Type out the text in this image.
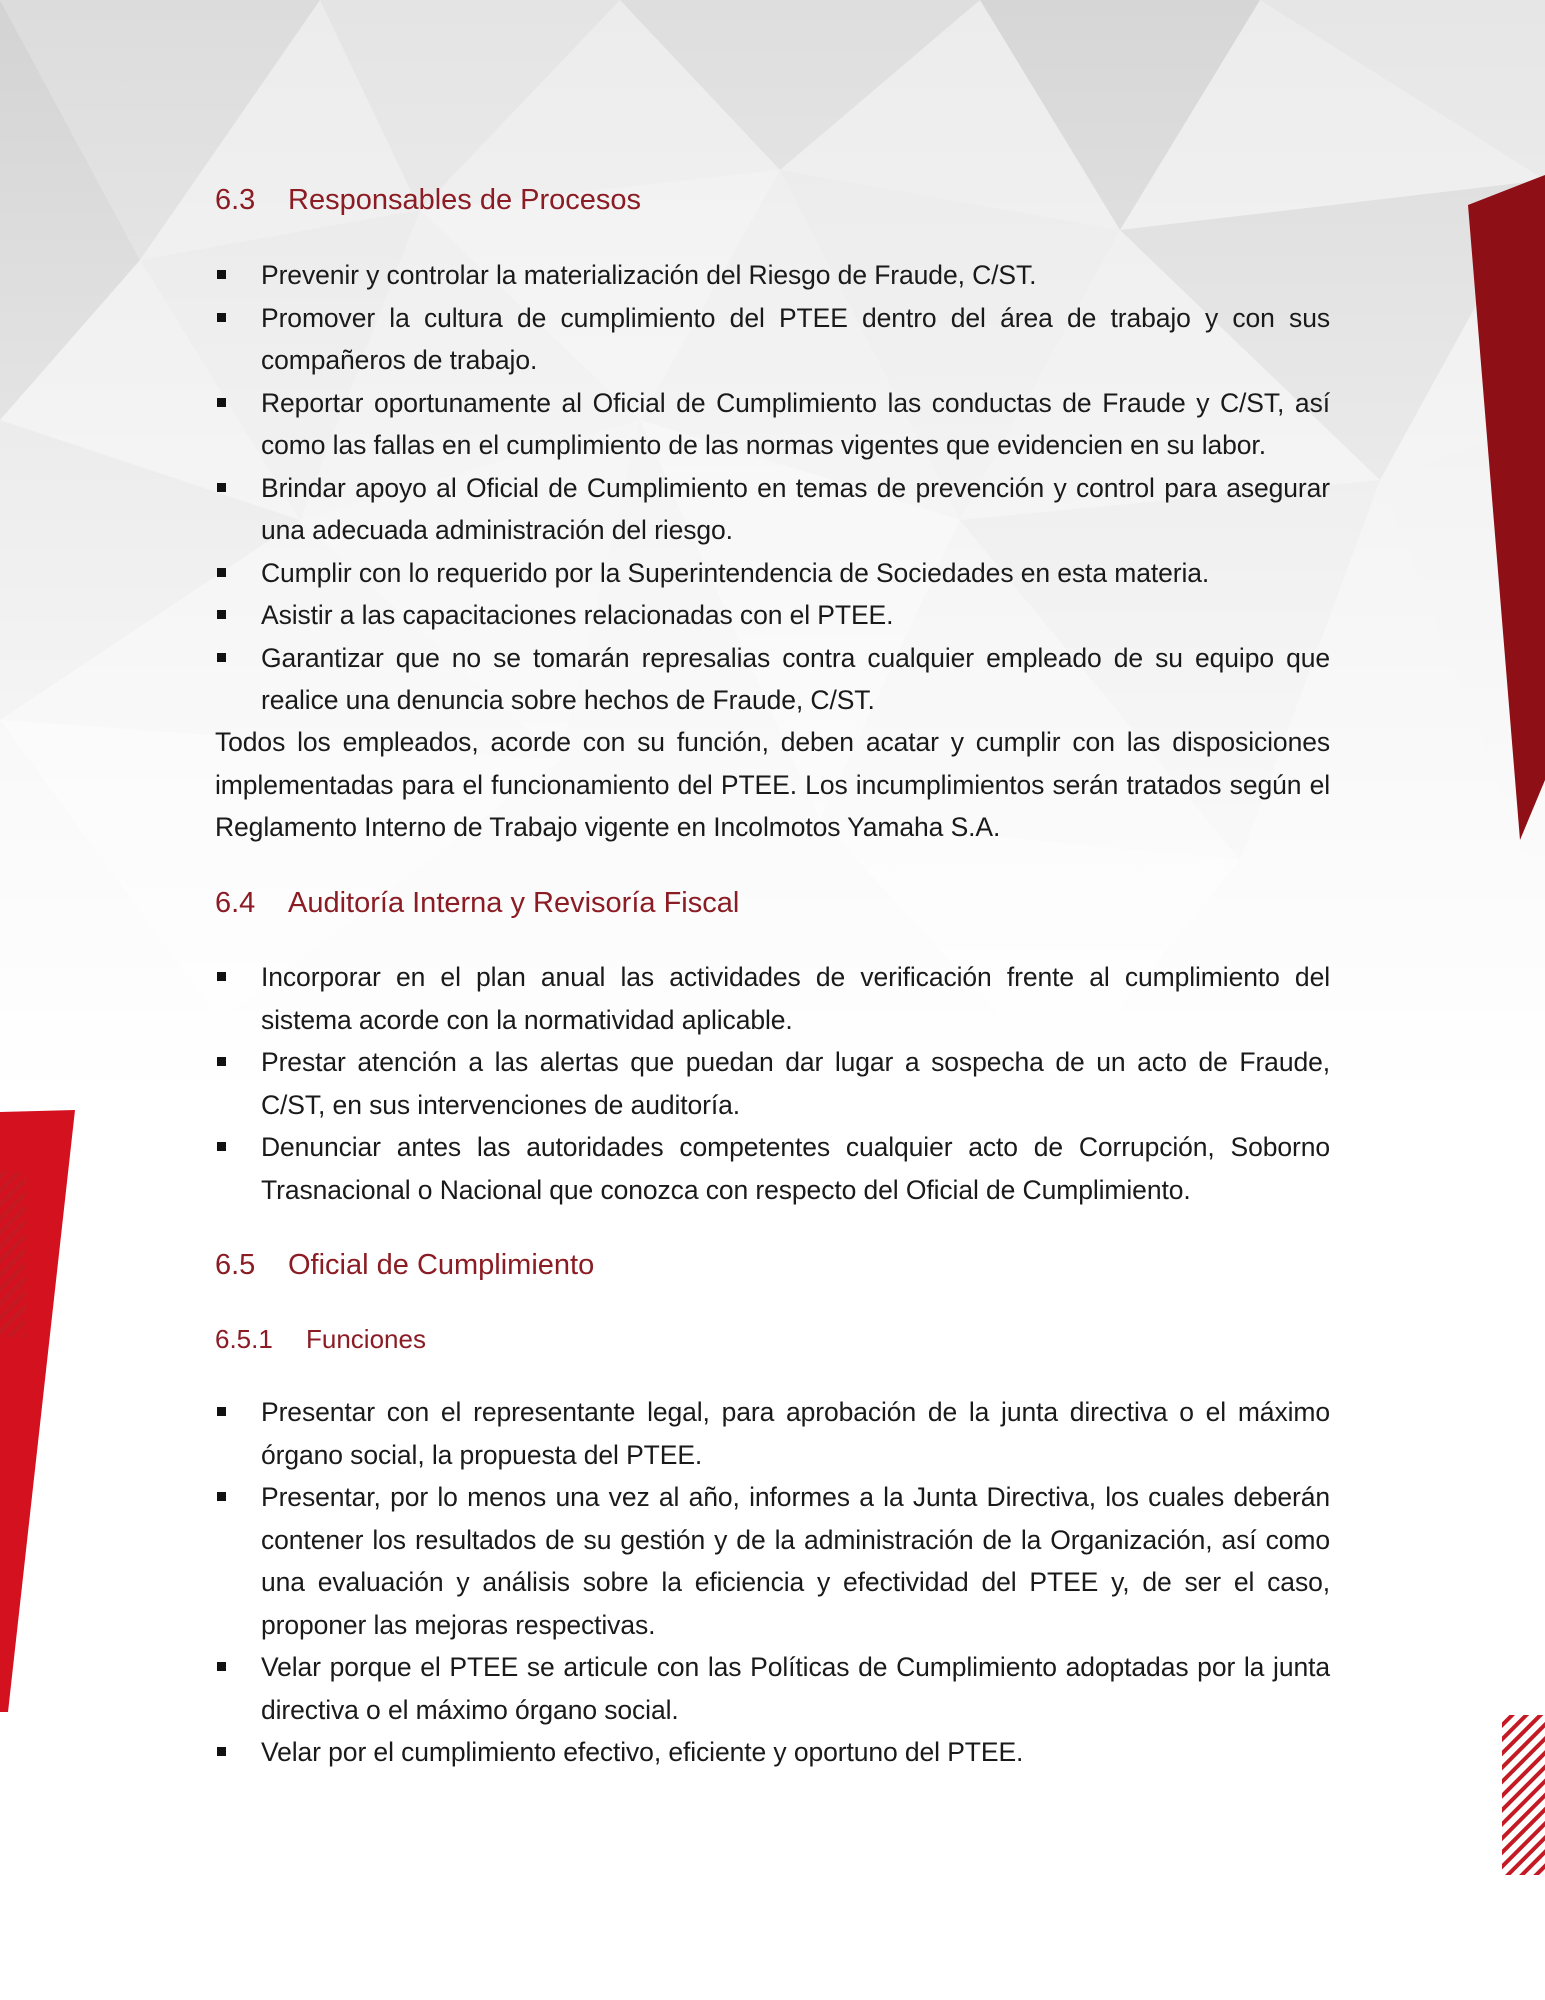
6.3 Responsables de Procesos
Prevenir y controlar la materialización del Riesgo de Fraude, C/ST.
Promover la cultura de cumplimiento del PTEE dentro del área de trabajo y con sus compañeros de trabajo.
Reportar oportunamente al Oficial de Cumplimiento las conductas de Fraude y C/ST, así como las fallas en el cumplimiento de las normas vigentes que evidencien en su labor.
Brindar apoyo al Oficial de Cumplimiento en temas de prevención y control para asegurar una adecuada administración del riesgo.
Cumplir con lo requerido por la Superintendencia de Sociedades en esta materia.
Asistir a las capacitaciones relacionadas con el PTEE.
Garantizar que no se tomarán represalias contra cualquier empleado de su equipo que realice una denuncia sobre hechos de Fraude, C/ST.

Todos los empleados, acorde con su función, deben acatar y cumplir con las disposiciones implementadas para el funcionamiento del PTEE. Los incumplimientos serán tratados según el Reglamento Interno de Trabajo vigente en Incolmotos Yamaha S.A.

6.4 Auditoría Interna y Revisoría Fiscal
Incorporar en el plan anual las actividades de verificación frente al cumplimiento del sistema acorde con la normatividad aplicable.
Prestar atención a las alertas que puedan dar lugar a sospecha de un acto de Fraude, C/ST, en sus intervenciones de auditoría.
Denunciar antes las autoridades competentes cualquier acto de Corrupción, Soborno Trasnacional o Nacional que conozca con respecto del Oficial de Cumplimiento.
6.5 Oficial de Cumplimiento
6.5.1 Funciones
Presentar con el representante legal, para aprobación de la junta directiva o el máximo órgano social, la propuesta del PTEE.
Presentar, por lo menos una vez al año, informes a la Junta Directiva, los cuales deberán contener los resultados de su gestión y de la administración de la Organización, así como una evaluación y análisis sobre la eficiencia y efectividad del PTEE y, de ser el caso, proponer las mejoras respectivas.
Velar porque el PTEE se articule con las Políticas de Cumplimiento adoptadas por la junta directiva o el máximo órgano social.
Velar por el cumplimiento efectivo, eficiente y oportuno del PTEE.
